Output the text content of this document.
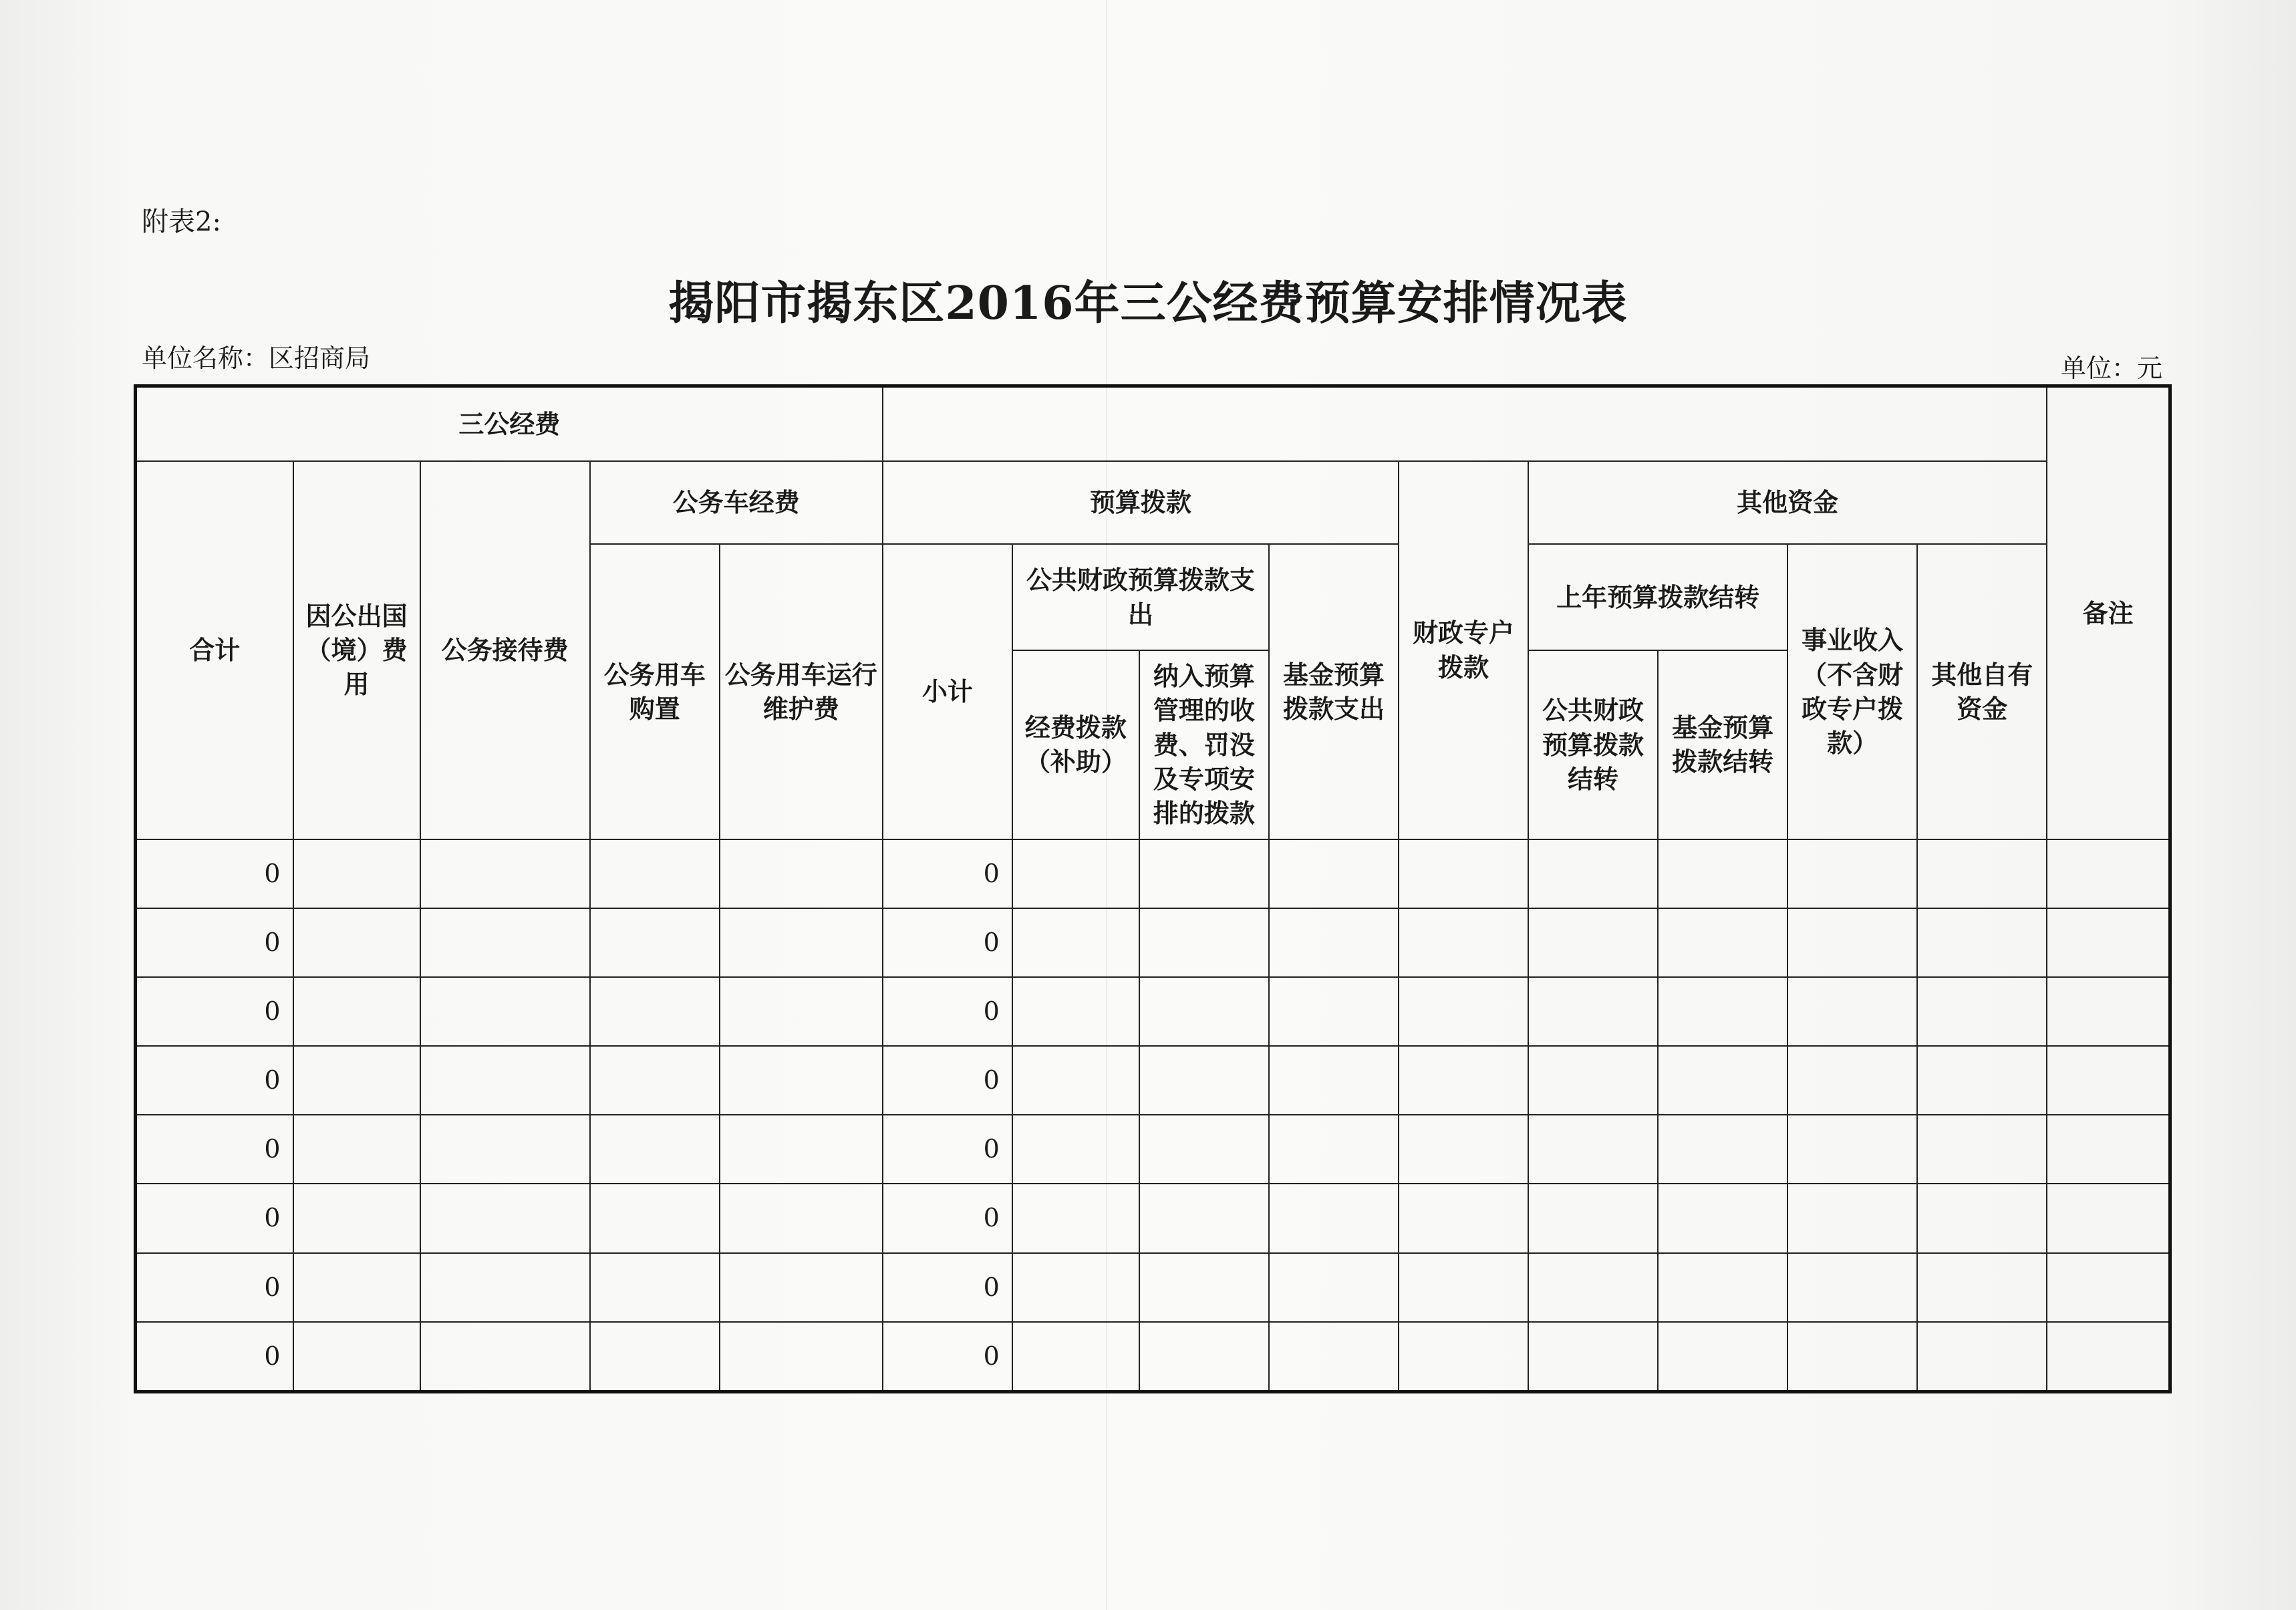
附表2:
揭阳市揭东区2016年三公经费预算安排情况表
单位名称：区招商局	单位：元
三公经费														备注
合计	因公出国（境）费用	公务接待费	公务车经费		预算拨款				财政专户拨款	其他资金				
			公务用车购置	公务用车运行维护费	小计	公共财政预算拨款支出		基金预算拨款支出		上年预算拨款结转		事业收入（不含财政专户拨款）	其他自有资金	
						经费拨款（补助）	纳入预算管理的收费、罚没及专项安排的拨款			公共财政预算拨款结转	基金预算拨款结转			

0					0									
0					0									
0					0									
0					0									
0					0									
0					0									
0					0									
0					0									
